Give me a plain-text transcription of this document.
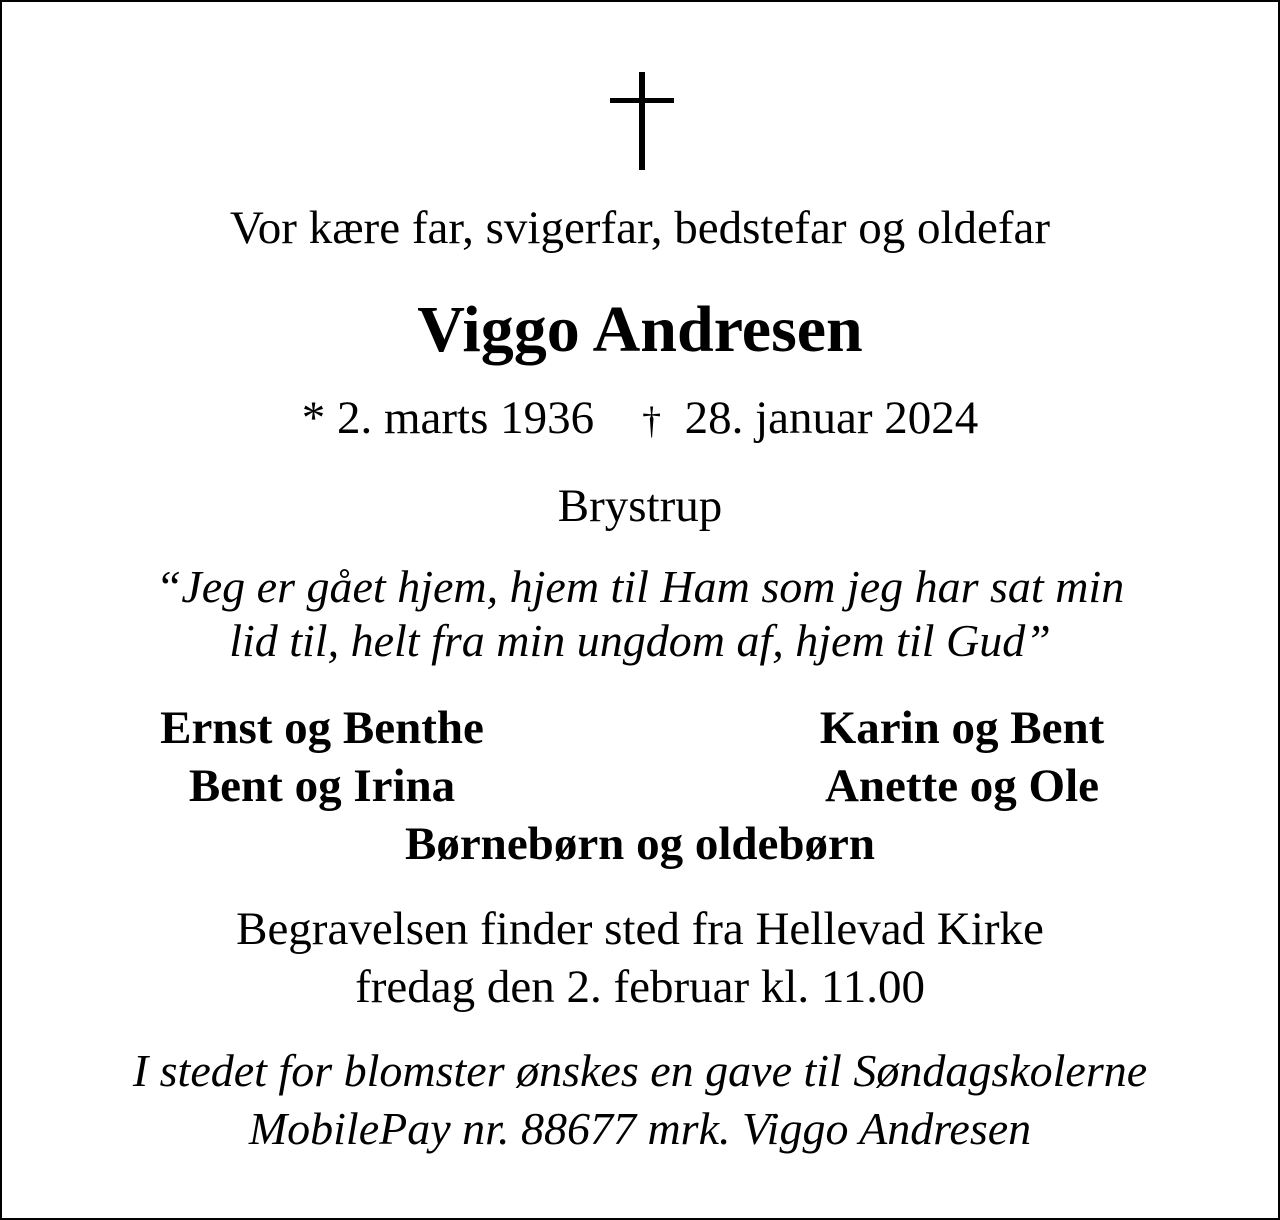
Vor kære far, svigerfar, bedstefar og oldefar
Viggo Andresen
* 2. marts 1936 † 28. januar 2024
Brystrup
“Jeg er gået hjem, hjem til Ham som jeg har sat min
lid til, helt fra min ungdom af, hjem til Gud”
Ernst og Benthe	Karin og Bent
Bent og Irina	Anette og Ole
Børnebørn og oldebørn
Begravelsen finder sted fra Hellevad Kirke
fredag den 2. februar kl. 11.00
I stedet for blomster ønskes en gave til Søndagskolerne
MobilePay nr. 88677 mrk. Viggo Andresen
